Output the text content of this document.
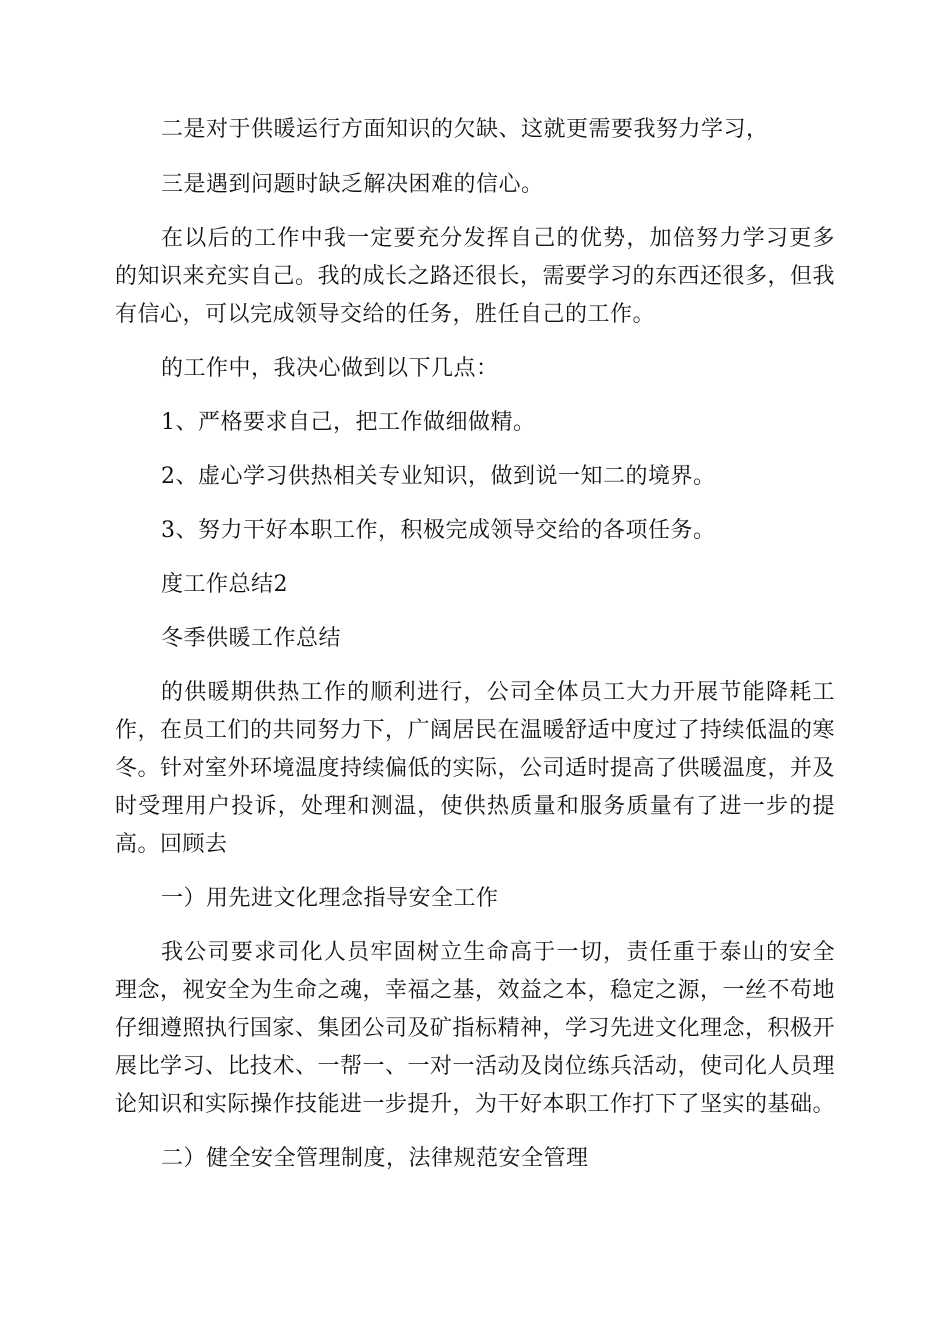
二是对于供暖运行方面知识的欠缺、这就更需要我努力学习，

三是遇到问题时缺乏解决困难的信心。

在以后的工作中我一定要充分发挥自己的优势，加倍努力学习更多的知识来充实自己。我的成长之路还很长，需要学习的东西还很多，但我有信心，可以完成领导交给的任务，胜任自己的工作。

的工作中，我决心做到以下几点：

1、严格要求自己，把工作做细做精。

2、虚心学习供热相关专业知识，做到说一知二的境界。

3、努力干好本职工作，积极完成领导交给的各项任务。

度工作总结2

冬季供暖工作总结

的供暖期供热工作的顺利进行，公司全体员工大力开展节能降耗工作，在员工们的共同努力下，广阔居民在温暖舒适中度过了持续低温的寒冬。针对室外环境温度持续偏低的实际，公司适时提高了供暖温度，并及时受理用户投诉，处理和测温，使供热质量和服务质量有了进一步的提高。回顾去

一）用先进文化理念指导安全工作

我公司要求司化人员牢固树立生命高于一切，责任重于泰山的安全理念，视安全为生命之魂，幸福之基，效益之本，稳定之源，一丝不苟地仔细遵照执行国家、集团公司及矿指标精神，学习先进文化理念，积极开展比学习、比技术、一帮一、一对一活动及岗位练兵活动，使司化人员理论知识和实际操作技能进一步提升，为干好本职工作打下了坚实的基础。

二）健全安全管理制度，法律规范安全管理
